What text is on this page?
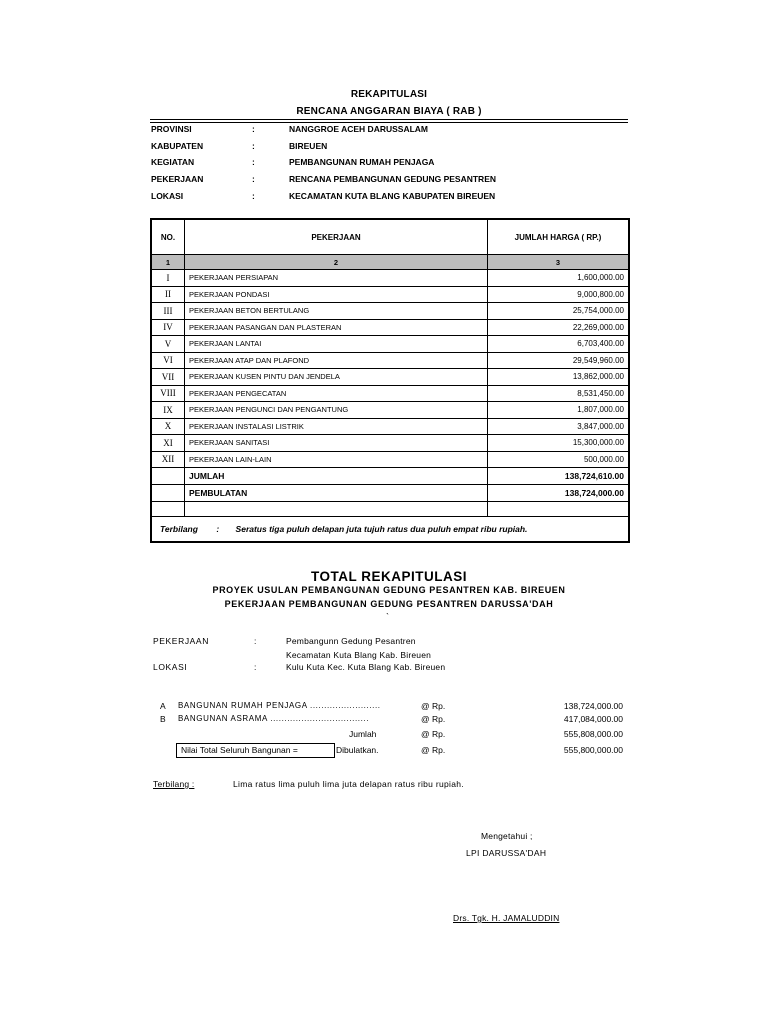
REKAPITULASI
RENCANA ANGGARAN BIAYA ( RAB )
PROVINSI	:	NANGGROE ACEH DARUSSALAM
KABUPATEN	:	BIREUEN
KEGIATAN	:	PEMBANGUNAN RUMAH PENJAGA
PEKERJAAN	:	RENCANA PEMBANGUNAN GEDUNG PESANTREN
LOKASI	:	KECAMATAN KUTA BLANG KABUPATEN BIREUEN
NO.	PEKERJAAN	JUMLAH HARGA ( RP.)
1	2	3
I	PEKERJAAN PERSIAPAN	1,600,000.00
II	PEKERJAAN PONDASI	9,000,800.00
III	PEKERJAAN BETON BERTULANG	25,754,000.00
IV	PEKERJAAN PASANGAN DAN PLASTERAN	22,269,000.00
V	PEKERJAAN LANTAI	6,703,400.00
VI	PEKERJAAN ATAP DAN PLAFOND	29,549,960.00
VII	PEKERJAAN KUSEN PINTU DAN JENDELA	13,862,000.00
VIII	PEKERJAAN PENGECATAN	8,531,450.00
IX	PEKERJAAN PENGUNCI DAN PENGANTUNG	1,807,000.00
X	PEKERJAAN INSTALASI LISTRIK	3,847,000.00
XI	PEKERJAAN SANITASI	15,300,000.00
XII	PEKERJAAN LAIN-LAIN	500,000.00
	JUMLAH	138,724,610.00
	PEMBULATAN	138,724,000.00

Terbilang : Seratus tiga puluh delapan juta tujuh ratus dua puluh empat ribu rupiah.		
TOTAL REKAPITULASI
PROYEK USULAN PEMBANGUNAN GEDUNG PESANTREN KAB. BIREUEN
PEKERJAAN PEMBANGUNAN GEDUNG PESANTREN DARUSSA'DAH
`
PEKERJAAN	:	Pembangunn Gedung Pesantren
Kecamatan Kuta Blang Kab. Bireuen
LOKASI	:	Kulu Kuta Kec. Kuta Blang Kab. Bireuen
A BANGUNAN RUMAH PENJAGA .........................	@ Rp.	138,724,000.00
B BANGUNAN ASRAMA ...................................	@ Rp.	417,084,000.00
Jumlah	@ Rp.	555,808,000.00
Nilai Total Seluruh Bangunan =	Dibulatkan.	@ Rp.	555,800,000.00
Terbilang :	Lima ratus lima puluh lima juta delapan ratus ribu rupiah.
Mengetahui ;
LPI DARUSSA'DAH
Drs. Tgk. H. JAMALUDDIN
